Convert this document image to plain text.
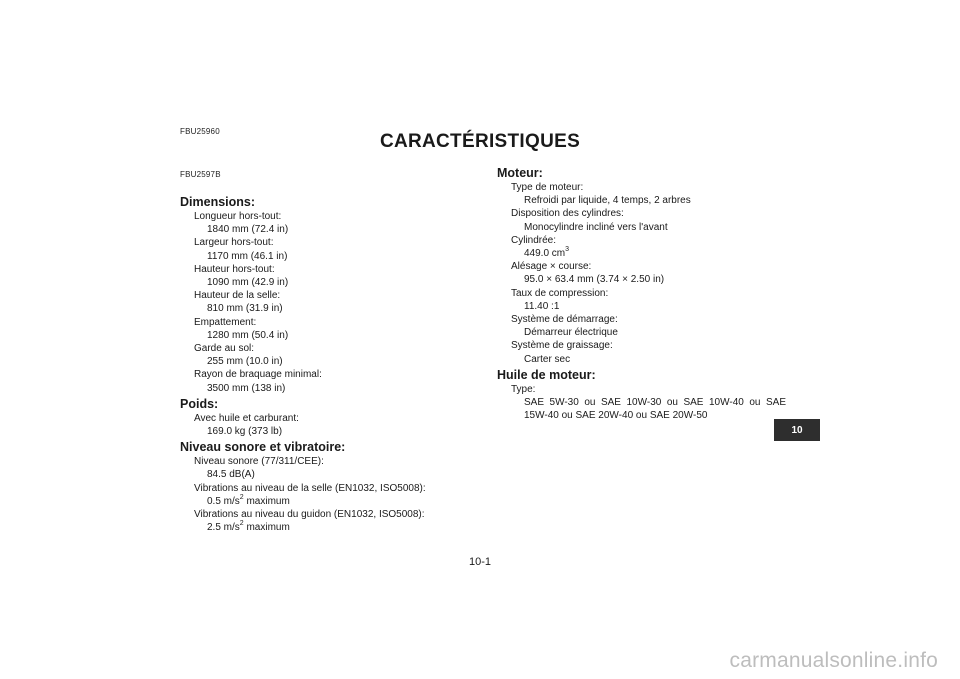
FBU25960	CARACTÉRISTIQUES
FBU2597B
Dimensions:
Longueur hors-tout:
1840 mm (72.4 in)
Largeur hors-tout:
1170 mm (46.1 in)
Hauteur hors-tout:
1090 mm (42.9 in)
Hauteur de la selle:
810 mm (31.9 in)
Empattement:
1280 mm (50.4 in)
Garde au sol:
255 mm (10.0 in)
Rayon de braquage minimal:
3500 mm (138 in)
Poids:
Avec huile et carburant:
169.0 kg (373 lb)
Niveau sonore et vibratoire:
Niveau sonore (77/311/CEE):
84.5 dB(A)
Vibrations au niveau de la selle (EN1032, ISO5008):
0.5 $m/s^2$ maximum
Vibrations au niveau du guidon (EN1032, ISO5008):
2.5 $m/s^2$ maximum
Moteur:
Type de moteur:
Refroidi par liquide, 4 temps, 2 arbres
Disposition des cylindres:
Monocylindre incliné vers l'avant
Cylindrée:
449.0 $cm^3$
Alésage × course:
95.0 × 63.4 mm (3.74 × 2.50 in)
Taux de compression:
11.40 :1
Système de démarrage:
Démarreur électrique
Système de graissage:
Carter sec
Huile de moteur:
Type:
SAE 5W-30 ou SAE 10W-30 ou SAE 10W-40 ou SAE 15W-40 ou SAE 20W-40 ou SAE 20W-50
10
10-1
carmanualsonline.info
